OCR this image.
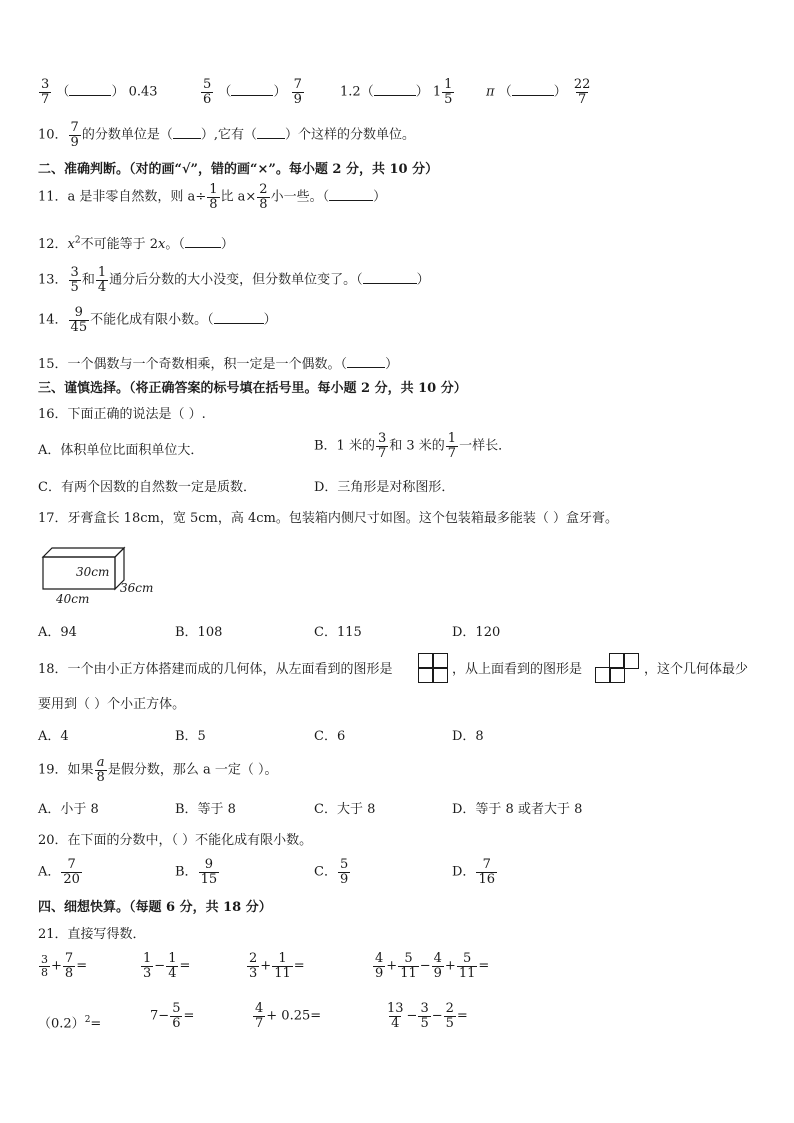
$\frac{3}{7}$ （	） 0.43	$\frac{5}{6}$ （	） $\frac{7}{9}$	1.2（	） $1 \frac{1}{5}$ π （	） $\frac{22}{7}$
10． $\frac{7}{9}$ 的分数单位是（ ）,它有（ ）个这样的分数单位。
二、准确判断。（对的画“√”，错的画“×”。每小题 2 分，共 10 分）
11．a 是非零自然数，则 $a\div \frac{1}{8}$ 比 $a\times \frac{2}{8}$ 小一些。（	）
12．$x^2$不可能等于 2x。（	）
13． $\frac{3}{5}$ 和 $\frac{1}{4}$ 通分后分数的大小没变，但分数单位变了。（	）
14． $\frac{9}{45}$ 不能化成有限小数。（	）
15．一个偶数与一个奇数相乘，积一定是一个偶数。（	）
三、谨慎选择。（将正确答案的标号填在括号里。每小题 2 分，共 10 分）
16．下面正确的说法是（ ）.
A．体积单位比面积单位大．	B．1 米的 $\frac{3}{7}$ 和 3 米的 $\frac{1}{7}$ 一样长．
C．有两个因数的自然数一定是质数．	D．三角形是对称图形．
17．牙膏盒长 18cm，宽 5cm，高 4cm。包装箱内侧尺寸如图。这个包装箱最多能装（ ）盒牙膏。
30cm
36cm
40cm
A．94	B．108	C．115	D．120
18．一个由小正方体搭建而成的几何体，从左面看到的图形是	，从上面看到的图形是	，这个几何体最少
要用到（ ）个小正方体。
A．4	B．5	C．6	D．8
19．如果 $\frac{a}{8}$ 是假分数，那么 a 一定（ ）。
A．小于 8	B．等于 8	C．大于 8	D．等于 8 或者大于 8
20．在下面的分数中，（ ）不能化成有限小数。
A． $\frac{7}{20}$	B． $\frac{9}{15}$	C． $\frac{5}{9}$	D． $\frac{7}{16}$
四、细想快算。（每题 6 分，共 18 分）
21．直接写得数．
$\frac{3}{8} + \frac{7}{8}$ =	$\frac{1}{3} - \frac{1}{4}$ =	$\frac{2}{3} + \frac{1}{11}$ =	$\frac{4}{9} + \frac{5}{11} - \frac{4}{9} + \frac{5}{11}$ =
$(0.2)^2=$
$7- \frac{5}{6}$ =	$\frac{4}{7} + 0.25=$	$\frac{13}{4} - \frac{3}{5} - \frac{2}{5}$ =
